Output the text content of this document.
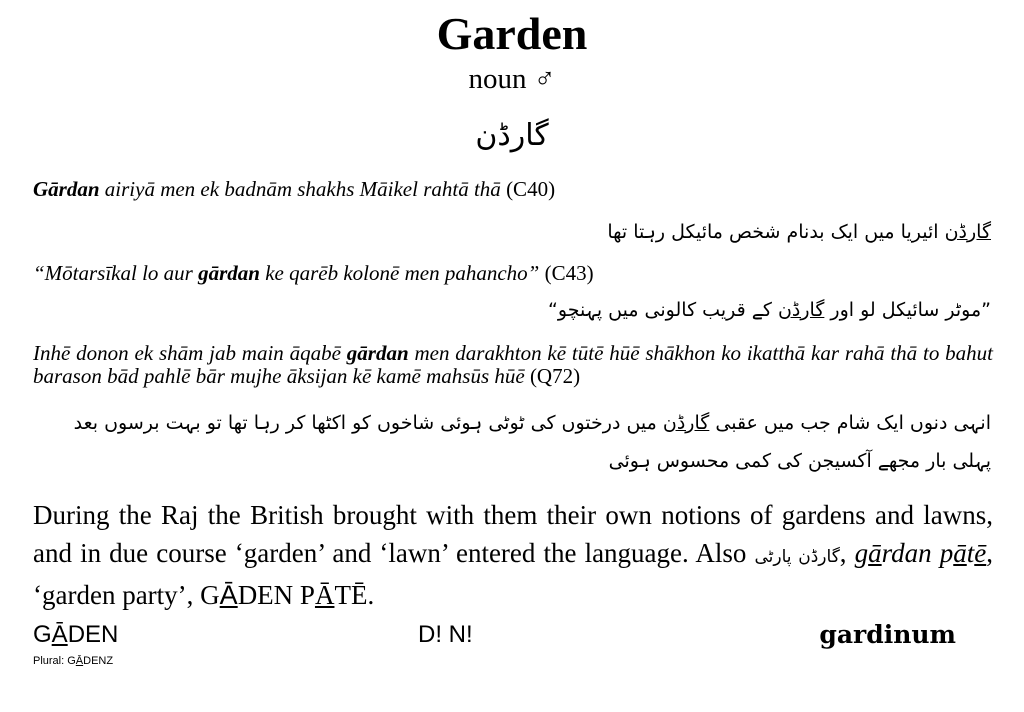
Garden
noun ♂
گارڈن

Gārdan airiyā men ek badnām shakhs Māikel rahtā thā (C40)

گارڈن ائیریا میں ایک بدنام شخص مائیکل رہتا تھا

“Mōtarsīkal lo aur gārdan ke qarēb kolonē men pahancho” (C43)

”موٹر سائیکل لو اور گارڈن کے قریب کالونی میں پہنچو“

Inhē donon ek shām jab main āqabē gārdan men darakhton kē tūtē hūē shākhon ko ikatthā kar rahā thā to bahut barason bād pahlē bār mujhe āksijan kē kamē mahsūs hūē (Q72)

انہی دنوں ایک شام جب میں عقبی گارڈن میں درختوں کی ٹوٹی ہوئی شاخوں کو اکٹھا کر رہا تھا تو بہت برسوں بعد پہلی بار مجھے آکسیجن کی کمی محسوس ہوئی

During the Raj the British brought with them their own notions of gardens and lawns, and in due course ‘garden’ and ‘lawn’ entered the language. Also گارڈن پارٹی, gārdan pātē, ‘garden party’, GĀDEN PĀTĒ.

GĀDEN	D! N!	gardinum
Plural: GĀDENZ
